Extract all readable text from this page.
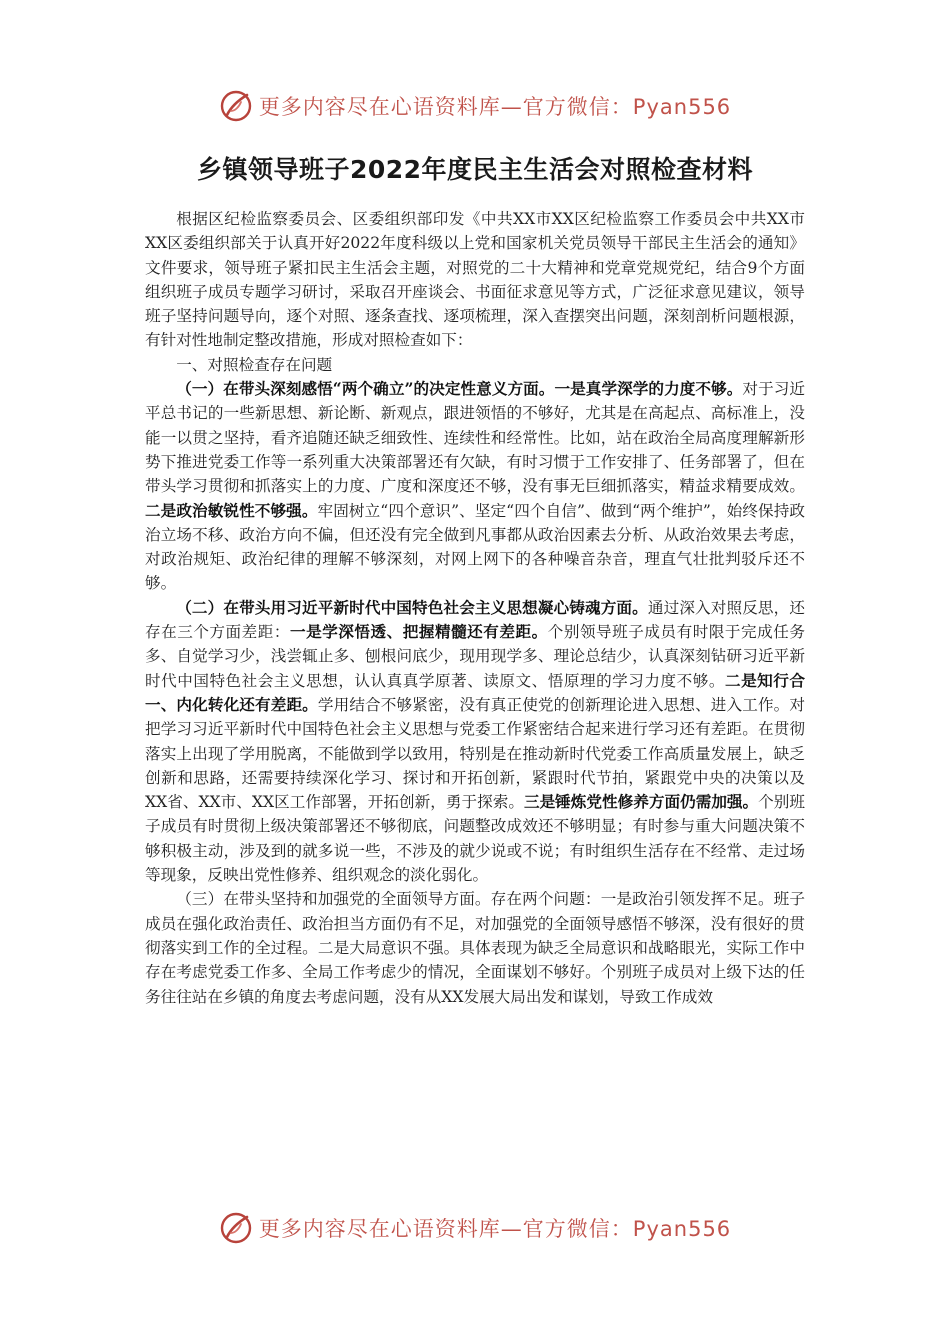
更多内容尽在心语资料库—官方微信：Pyan556
乡镇领导班子2022年度民主生活会对照检查材料

根据区纪检监察委员会、区委组织部印发《中共XX市XX区纪检监察工作委员会中共XX市XX区委组织部关于认真开好2022年度科级以上党和国家机关党员领导干部民主生活会的通知》文件要求，领导班子紧扣民主生活会主题，对照党的二十大精神和党章党规党纪，结合9个方面组织班子成员专题学习研讨，采取召开座谈会、书面征求意见等方式，广泛征求意见建议，领导班子坚持问题导向，逐个对照、逐条查找、逐项梳理，深入查摆突出问题，深刻剖析问题根源，有针对性地制定整改措施，形成对照检查如下：

一、对照检查存在问题

（一）在带头深刻感悟“两个确立”的决定性意义方面。一是真学深学的力度不够。对于习近平总书记的一些新思想、新论断、新观点，跟进领悟的不够好，尤其是在高起点、高标准上，没能一以贯之坚持，看齐追随还缺乏细致性、连续性和经常性。比如，站在政治全局高度理解新形势下推进党委工作等一系列重大决策部署还有欠缺，有时习惯于工作安排了、任务部署了，但在带头学习贯彻和抓落实上的力度、广度和深度还不够，没有事无巨细抓落实，精益求精要成效。二是政治敏锐性不够强。牢固树立“四个意识”、坚定“四个自信”、做到“两个维护”，始终保持政治立场不移、政治方向不偏，但还没有完全做到凡事都从政治因素去分析、从政治效果去考虑，对政治规矩、政治纪律的理解不够深刻，对网上网下的各种噪音杂音，理直气壮批判驳斥还不够。

（二）在带头用习近平新时代中国特色社会主义思想凝心铸魂方面。通过深入对照反思，还存在三个方面差距：一是学深悟透、把握精髓还有差距。个别领导班子成员有时限于完成任务多、自觉学习少，浅尝辄止多、刨根问底少，现用现学多、理论总结少，认真深刻钻研习近平新时代中国特色社会主义思想，认认真真学原著、读原文、悟原理的学习力度不够。二是知行合一、内化转化还有差距。学用结合不够紧密，没有真正使党的创新理论进入思想、进入工作。对把学习习近平新时代中国特色社会主义思想与党委工作紧密结合起来进行学习还有差距。在贯彻落实上出现了学用脱离，不能做到学以致用，特别是在推动新时代党委工作高质量发展上，缺乏创新和思路，还需要持续深化学习、探讨和开拓创新，紧跟时代节拍，紧跟党中央的决策以及XX省、XX市、XX区工作部署，开拓创新，勇于探索。三是锤炼党性修养方面仍需加强。个别班子成员有时贯彻上级决策部署还不够彻底，问题整改成效还不够明显；有时参与重大问题决策不够积极主动，涉及到的就多说一些，不涉及的就少说或不说；有时组织生活存在不经常、走过场等现象，反映出党性修养、组织观念的淡化弱化。

（三）在带头坚持和加强党的全面领导方面。存在两个问题：一是政治引领发挥不足。班子成员在强化政治责任、政治担当方面仍有不足，对加强党的全面领导感悟不够深，没有很好的贯彻落实到工作的全过程。二是大局意识不强。具体表现为缺乏全局意识和战略眼光，实际工作中存在考虑党委工作多、全局工作考虑少的情况，全面谋划不够好。个别班子成员对上级下达的任务往往站在乡镇的角度去考虑问题，没有从XX发展大局出发和谋划，导致工作成效

更多内容尽在心语资料库—官方微信：Pyan556
